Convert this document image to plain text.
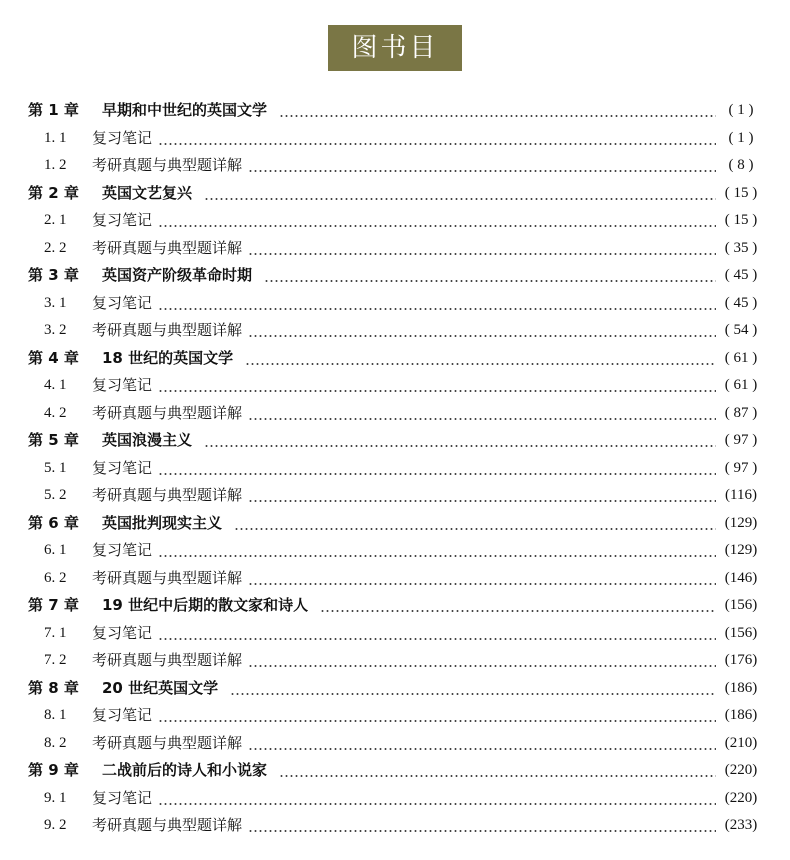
图书目录
第 1 章 早期和中世纪的英国文学	( 1 )
1. 1 复习笔记	( 1 )
1. 2 考研真题与典型题详解	( 8 )
第 2 章 英国文艺复兴	( 15 )
2. 1 复习笔记	( 15 )
2. 2 考研真题与典型题详解	( 35 )
第 3 章 英国资产阶级革命时期	( 45 )
3. 1 复习笔记	( 45 )
3. 2 考研真题与典型题详解	( 54 )
第 4 章 18 世纪的英国文学	( 61 )
4. 1 复习笔记	( 61 )
4. 2 考研真题与典型题详解	( 87 )
第 5 章 英国浪漫主义	( 97 )
5. 1 复习笔记	( 97 )
5. 2 考研真题与典型题详解	(116)
第 6 章 英国批判现实主义	(129)
6. 1 复习笔记	(129)
6. 2 考研真题与典型题详解	(146)
第 7 章 19 世纪中后期的散文家和诗人	(156)
7. 1 复习笔记	(156)
7. 2 考研真题与典型题详解	(176)
第 8 章 20 世纪英国文学	(186)
8. 1 复习笔记	(186)
8. 2 考研真题与典型题详解	(210)
第 9 章 二战前后的诗人和小说家	(220)
9. 1 复习笔记	(220)
9. 2 考研真题与典型题详解	(233)
